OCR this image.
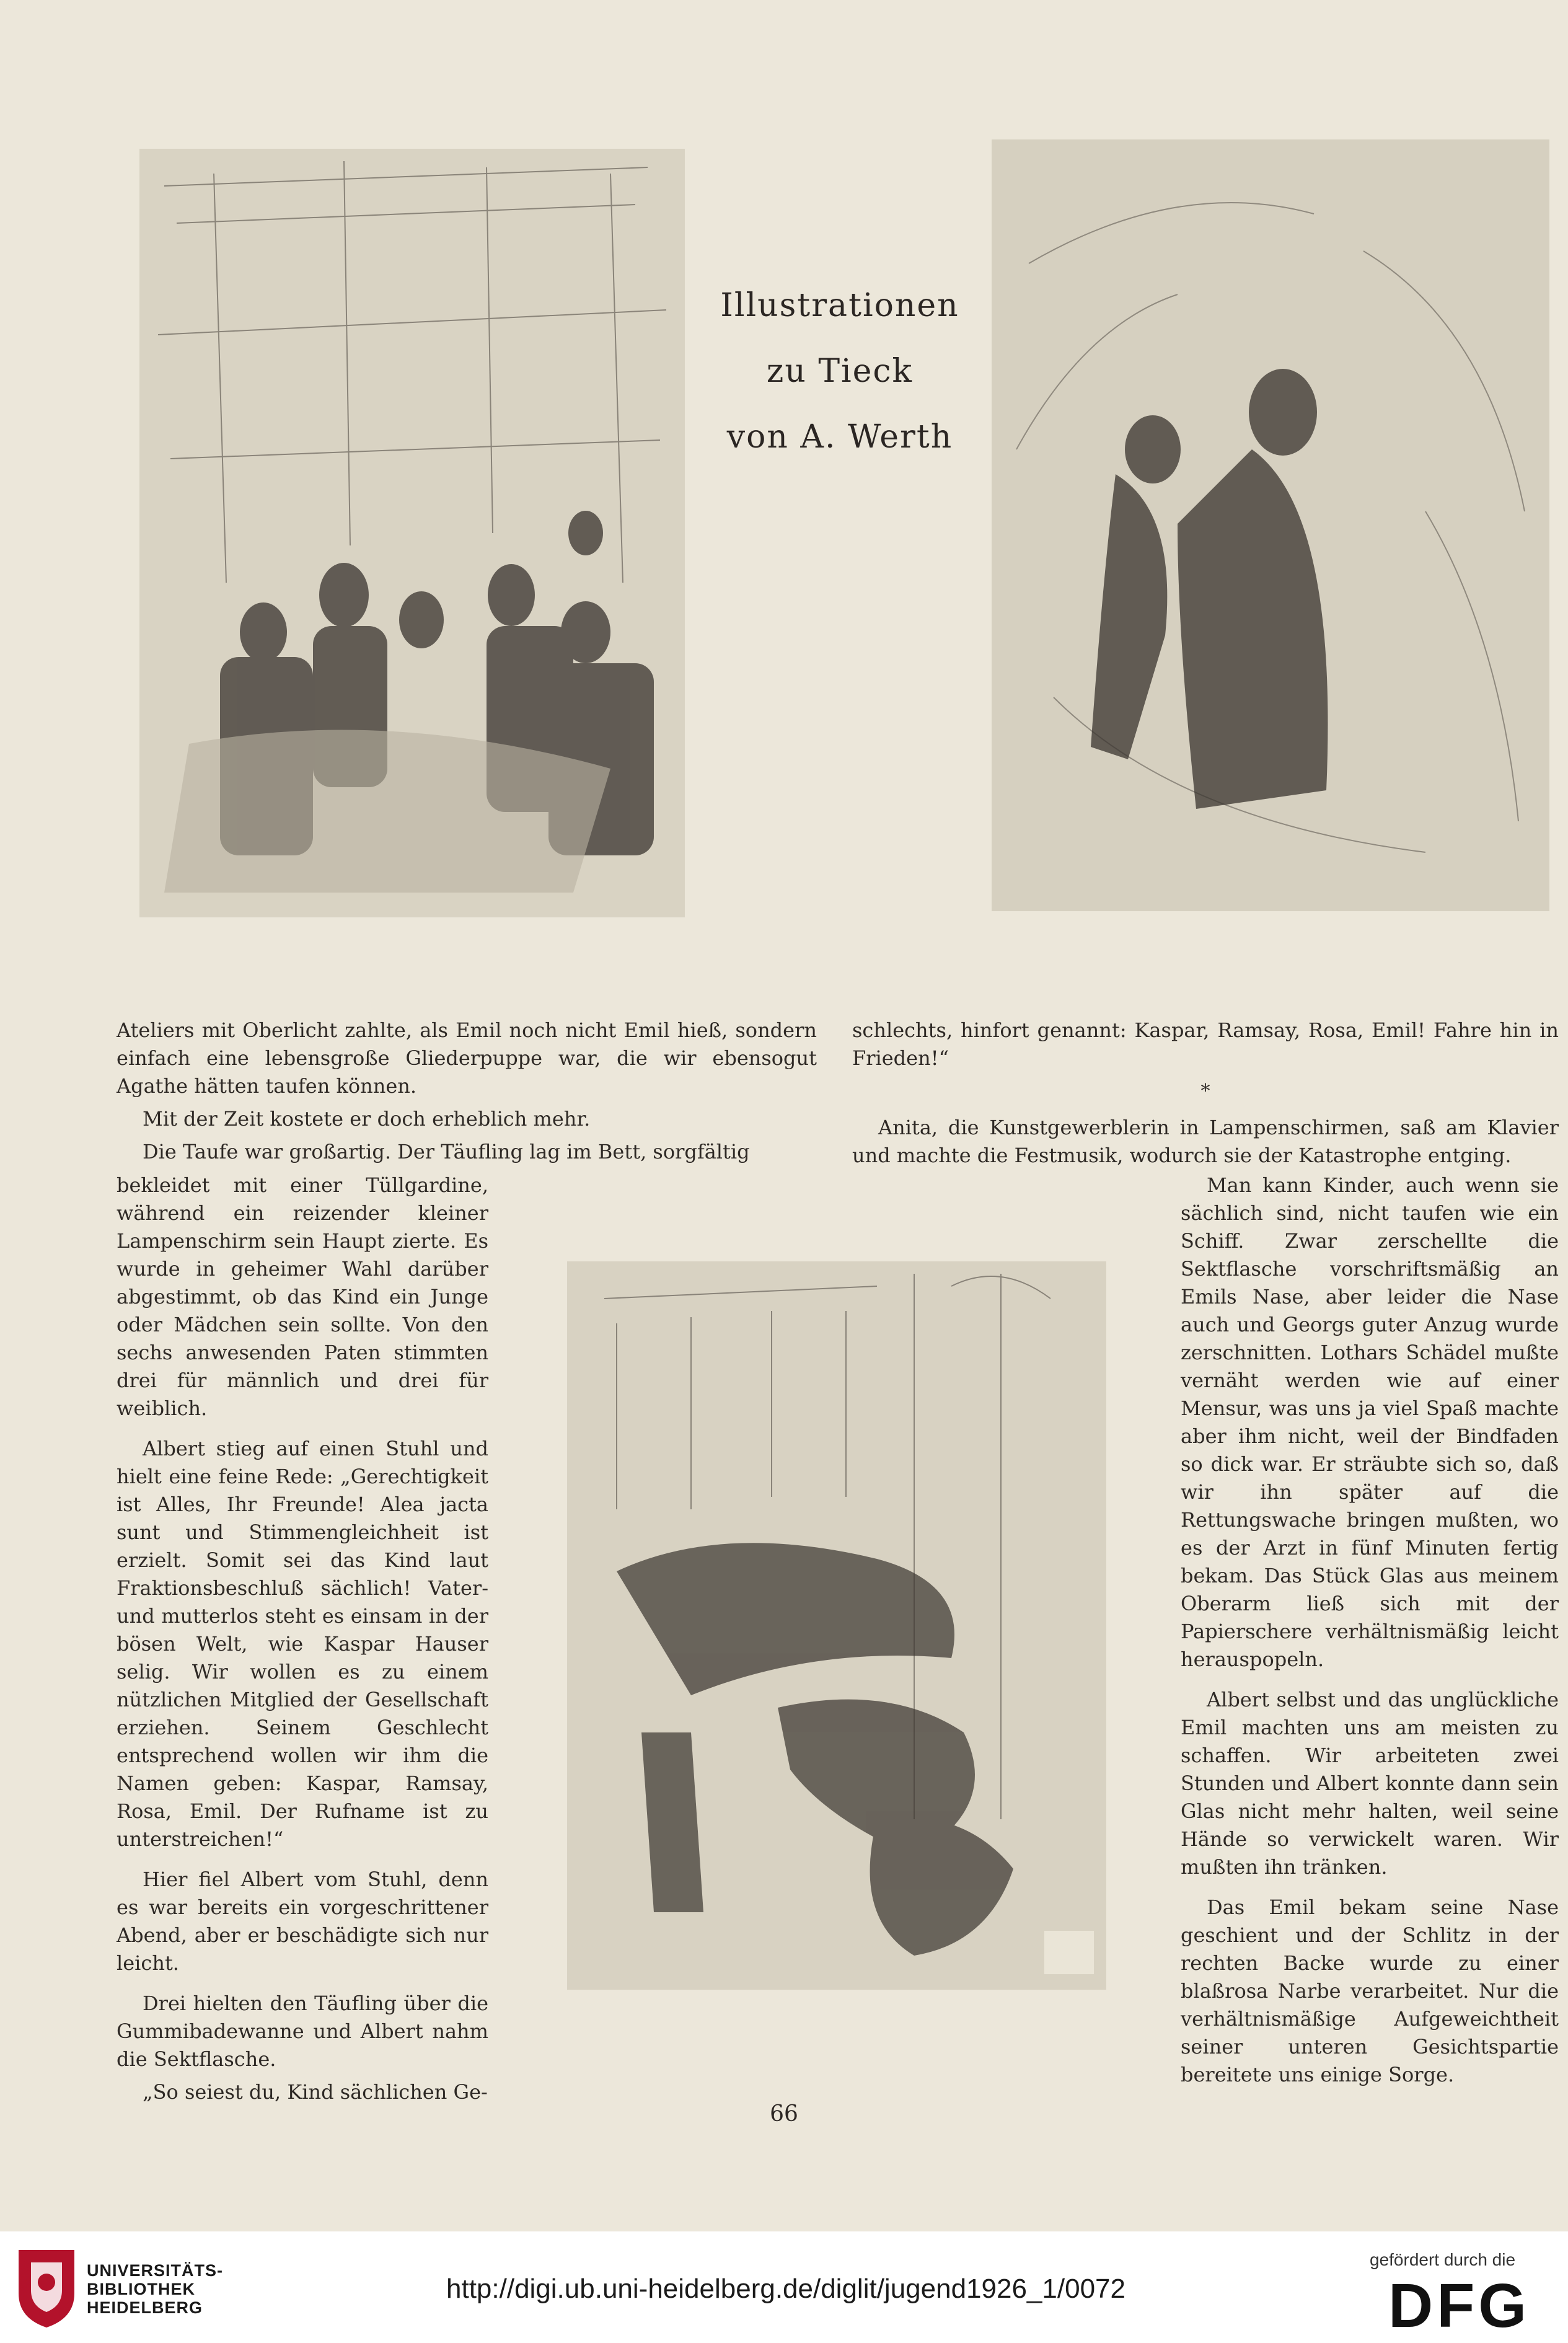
Illustrationen
zu Tieck
von A. Werth

Ateliers mit Oberlicht zahlte, als Emil noch nicht Emil hieß, sondern einfach eine lebensgroße Gliederpuppe war, die wir ebensogut Agathe hätten taufen können.

Mit der Zeit kostete er doch erheblich mehr.

Die Taufe war großartig. Der Täufling lag im Bett, sorgfältig

bekleidet mit einer Tüllgardine, während ein reizender kleiner Lampenschirm sein Haupt zierte. Es wurde in geheimer Wahl darüber abgestimmt, ob das Kind ein Junge oder Mädchen sein sollte. Von den sechs anwesenden Paten stimmten drei für männlich und drei für weiblich.

Albert stieg auf einen Stuhl und hielt eine feine Rede: „Gerechtigkeit ist Alles, Ihr Freunde! Alea jacta sunt und Stimmengleichheit ist erzielt. Somit sei das Kind laut Fraktionsbeschluß sächlich! Vater- und mutterlos steht es einsam in der bösen Welt, wie Kaspar Hauser selig. Wir wollen es zu einem nützlichen Mitglied der Gesellschaft erziehen. Seinem Geschlecht entsprechend wollen wir ihm die Namen geben: Kaspar, Ramsay, Rosa, Emil. Der Rufname ist zu unterstreichen!“

Hier fiel Albert vom Stuhl, denn es war bereits ein vorgeschrittener Abend, aber er beschädigte sich nur leicht.

Drei hielten den Täufling über die Gummibadewanne und Albert nahm die Sektflasche.

„So seiest du, Kind sächlichen Ge-

schlechts, hinfort genannt: Kaspar, Ramsay, Rosa, Emil! Fahre hin in Frieden!“

*

Anita, die Kunstgewerblerin in Lampenschirmen, saß am Klavier und machte die Festmusik, wodurch sie der Katastrophe entging.

Man kann Kinder, auch wenn sie sächlich sind, nicht taufen wie ein Schiff. Zwar zerschellte die Sektflasche vorschriftsmäßig an Emils Nase, aber leider die Nase auch und Georgs guter Anzug wurde zerschnitten. Lothars Schädel mußte vernäht werden wie auf einer Mensur, was uns ja viel Spaß machte aber ihm nicht, weil der Bindfaden so dick war. Er sträubte sich so, daß wir ihn später auf die Rettungswache bringen mußten, wo es der Arzt in fünf Minuten fertig bekam. Das Stück Glas aus meinem Oberarm ließ sich mit der Papierschere verhältnismäßig leicht herauspopeln.

Albert selbst und das unglückliche Emil machten uns am meisten zu schaffen. Wir arbeiteten zwei Stunden und Albert konnte dann sein Glas nicht mehr halten, weil seine Hände so verwickelt waren. Wir mußten ihn tränken.

Das Emil bekam seine Nase geschient und der Schlitz in der rechten Backe wurde zu einer blaßrosa Narbe verarbeitet. Nur die verhältnismäßige Aufgeweichtheit seiner unteren Gesichtspartie bereitete uns einige Sorge.

66
UNIVERSITÄTS-
BIBLIOTHEK
HEIDELBERG
http://digi.ub.uni-heidelberg.de/diglit/jugend1926_1/0072
gefördert durch die
DFG
